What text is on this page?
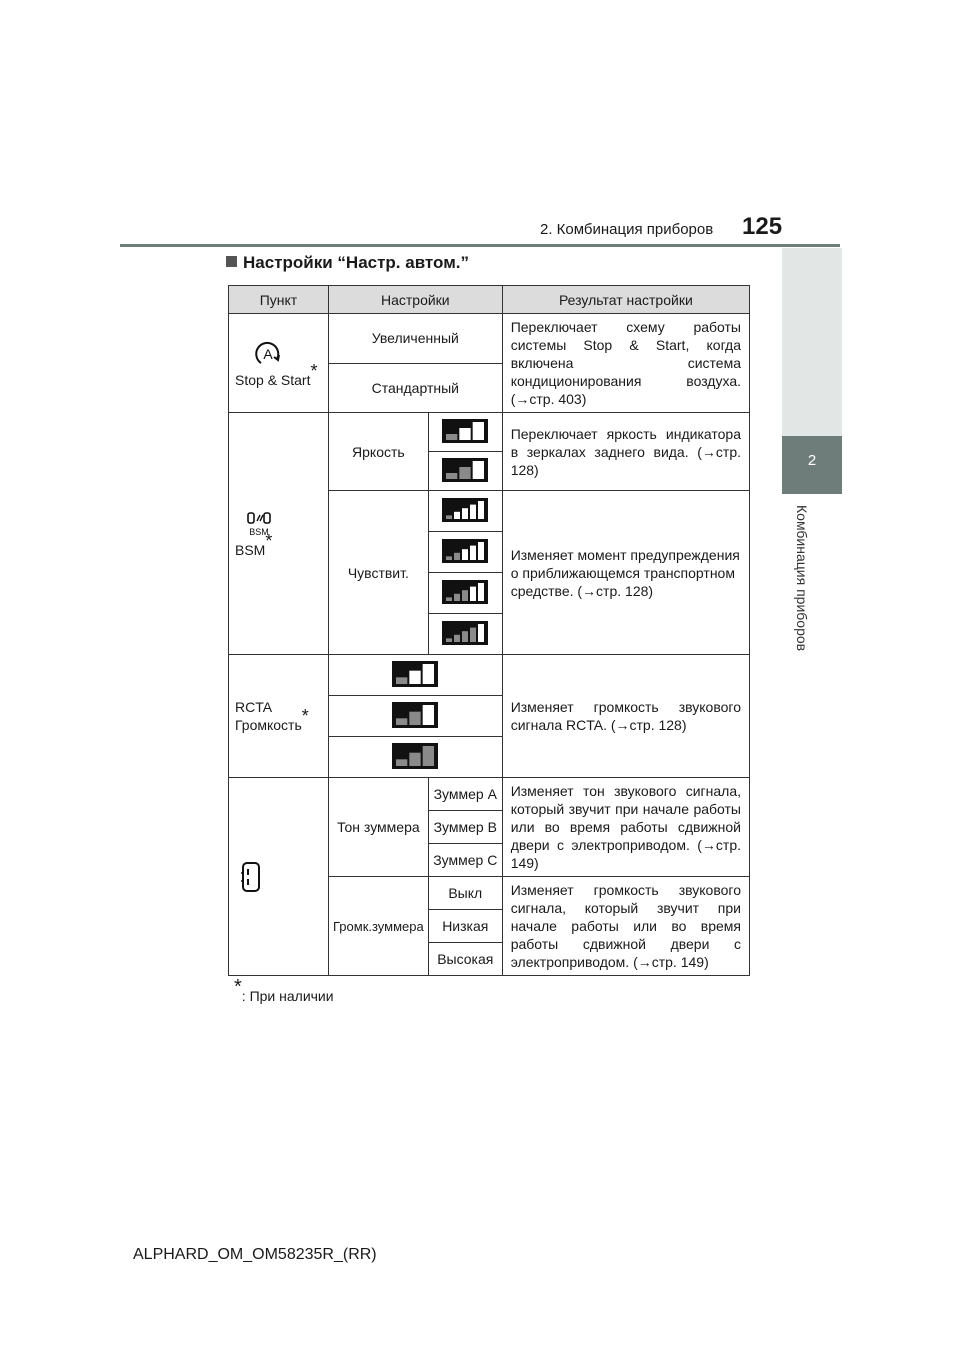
2. Комбинация приборов 125
2
Комбинация приборов
Настройки “Настр. автом.”
Пункт	Настройки		Результат настройки

A
Stop & Start*	Увеличенный		Переключает схему работы системы Stop & Start, когда включена система кондиционирования воздуха. (→стр. 403)
	Стандартный		

BSM
BSM*	Яркость		Переключает яркость индикатора в зеркалах заднего вида. (→стр. 128)

	Чувствит.		Изменяет момент предупреждения о приближающемся транспортном средстве. (→стр. 128)

RCTA
Громкость*			Изменяет громкость звукового сигнала RCTA. (→стр. 128)

	Тон зуммера	Зуммер A	Изменяет тон звукового сигнала, который звучит при начале работы или во время работы сдвижной двери с электроприводом. (→стр. 149)
		Зуммер B	
		Зуммер C	
	Громк.зуммера	Выкл	Изменяет громкость звукового сигнала, который звучит при начале работы или во время работы сдвижной двери с электроприводом. (→стр. 149)
		Низкая	
		Высокая	
*: При наличии
ALPHARD_OM_OM58235R_(RR)
